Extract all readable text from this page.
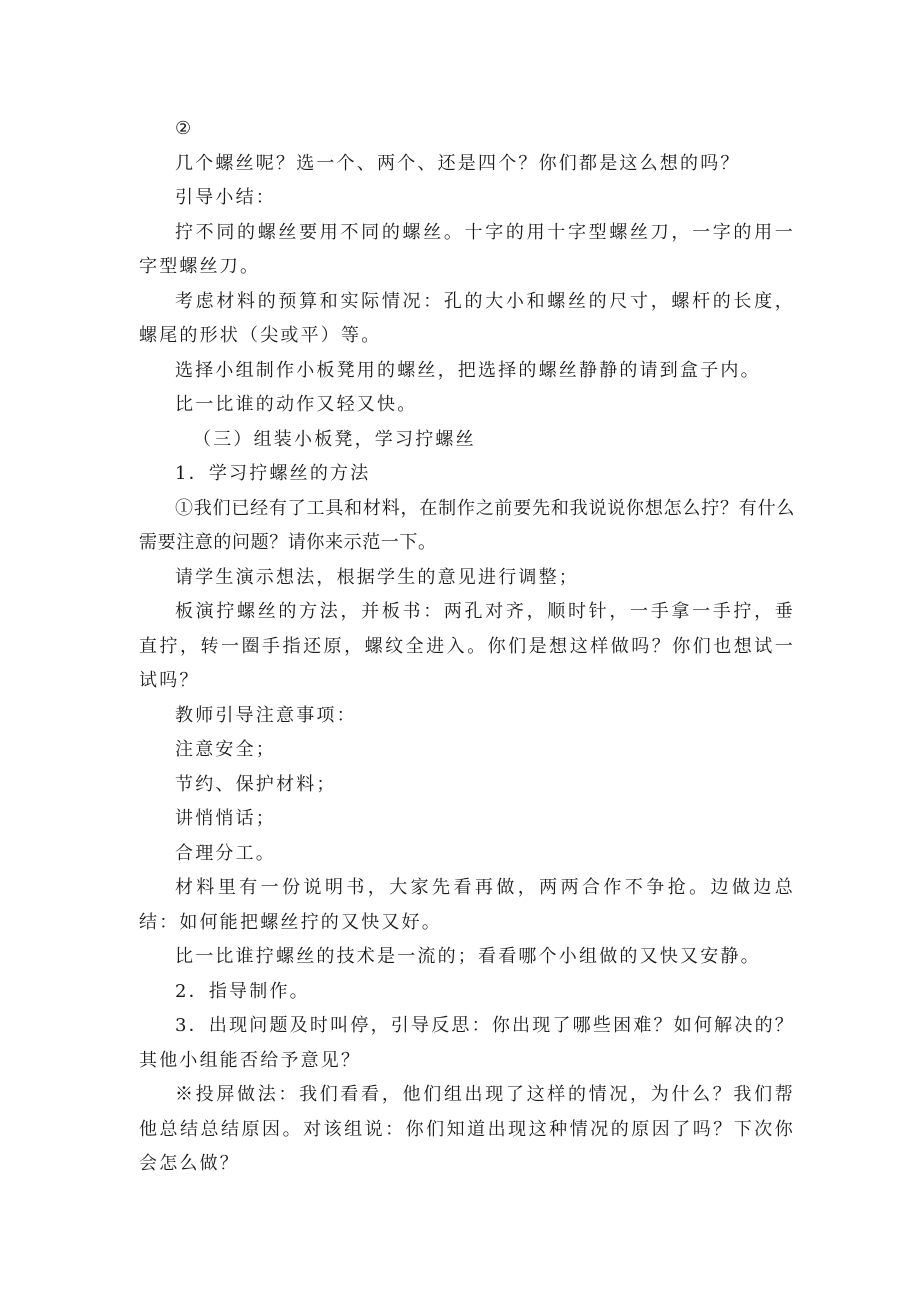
②

几个螺丝呢？选一个、两个、还是四个？你们都是这么想的吗？

引导小结：

拧不同的螺丝要用不同的螺丝。十字的用十字型螺丝刀，一字的用一字型螺丝刀。

考虑材料的预算和实际情况：孔的大小和螺丝的尺寸，螺杆的长度，螺尾的形状（尖或平）等。

选择小组制作小板凳用的螺丝，把选择的螺丝静静的请到盒子内。

比一比谁的动作又轻又快。

（三）组装小板凳，学习拧螺丝

1．学习拧螺丝的方法

①我们已经有了工具和材料，在制作之前要先和我说说你想怎么拧？有什么需要注意的问题？请你来示范一下。

请学生演示想法，根据学生的意见进行调整；

板演拧螺丝的方法，并板书：两孔对齐，顺时针，一手拿一手拧，垂直拧，转一圈手指还原，螺纹全进入。你们是想这样做吗？你们也想试一试吗？

教师引导注意事项：

注意安全；

节约、保护材料；

讲悄悄话；

合理分工。

材料里有一份说明书，大家先看再做，两两合作不争抢。边做边总结：如何能把螺丝拧的又快又好。

比一比谁拧螺丝的技术是一流的；看看哪个小组做的又快又安静。

2．指导制作。

3．出现问题及时叫停，引导反思：你出现了哪些困难？如何解决的？其他小组能否给予意见？

※投屏做法：我们看看，他们组出现了这样的情况，为什么？我们帮他总结总结原因。对该组说：你们知道出现这种情况的原因了吗？下次你会怎么做？
